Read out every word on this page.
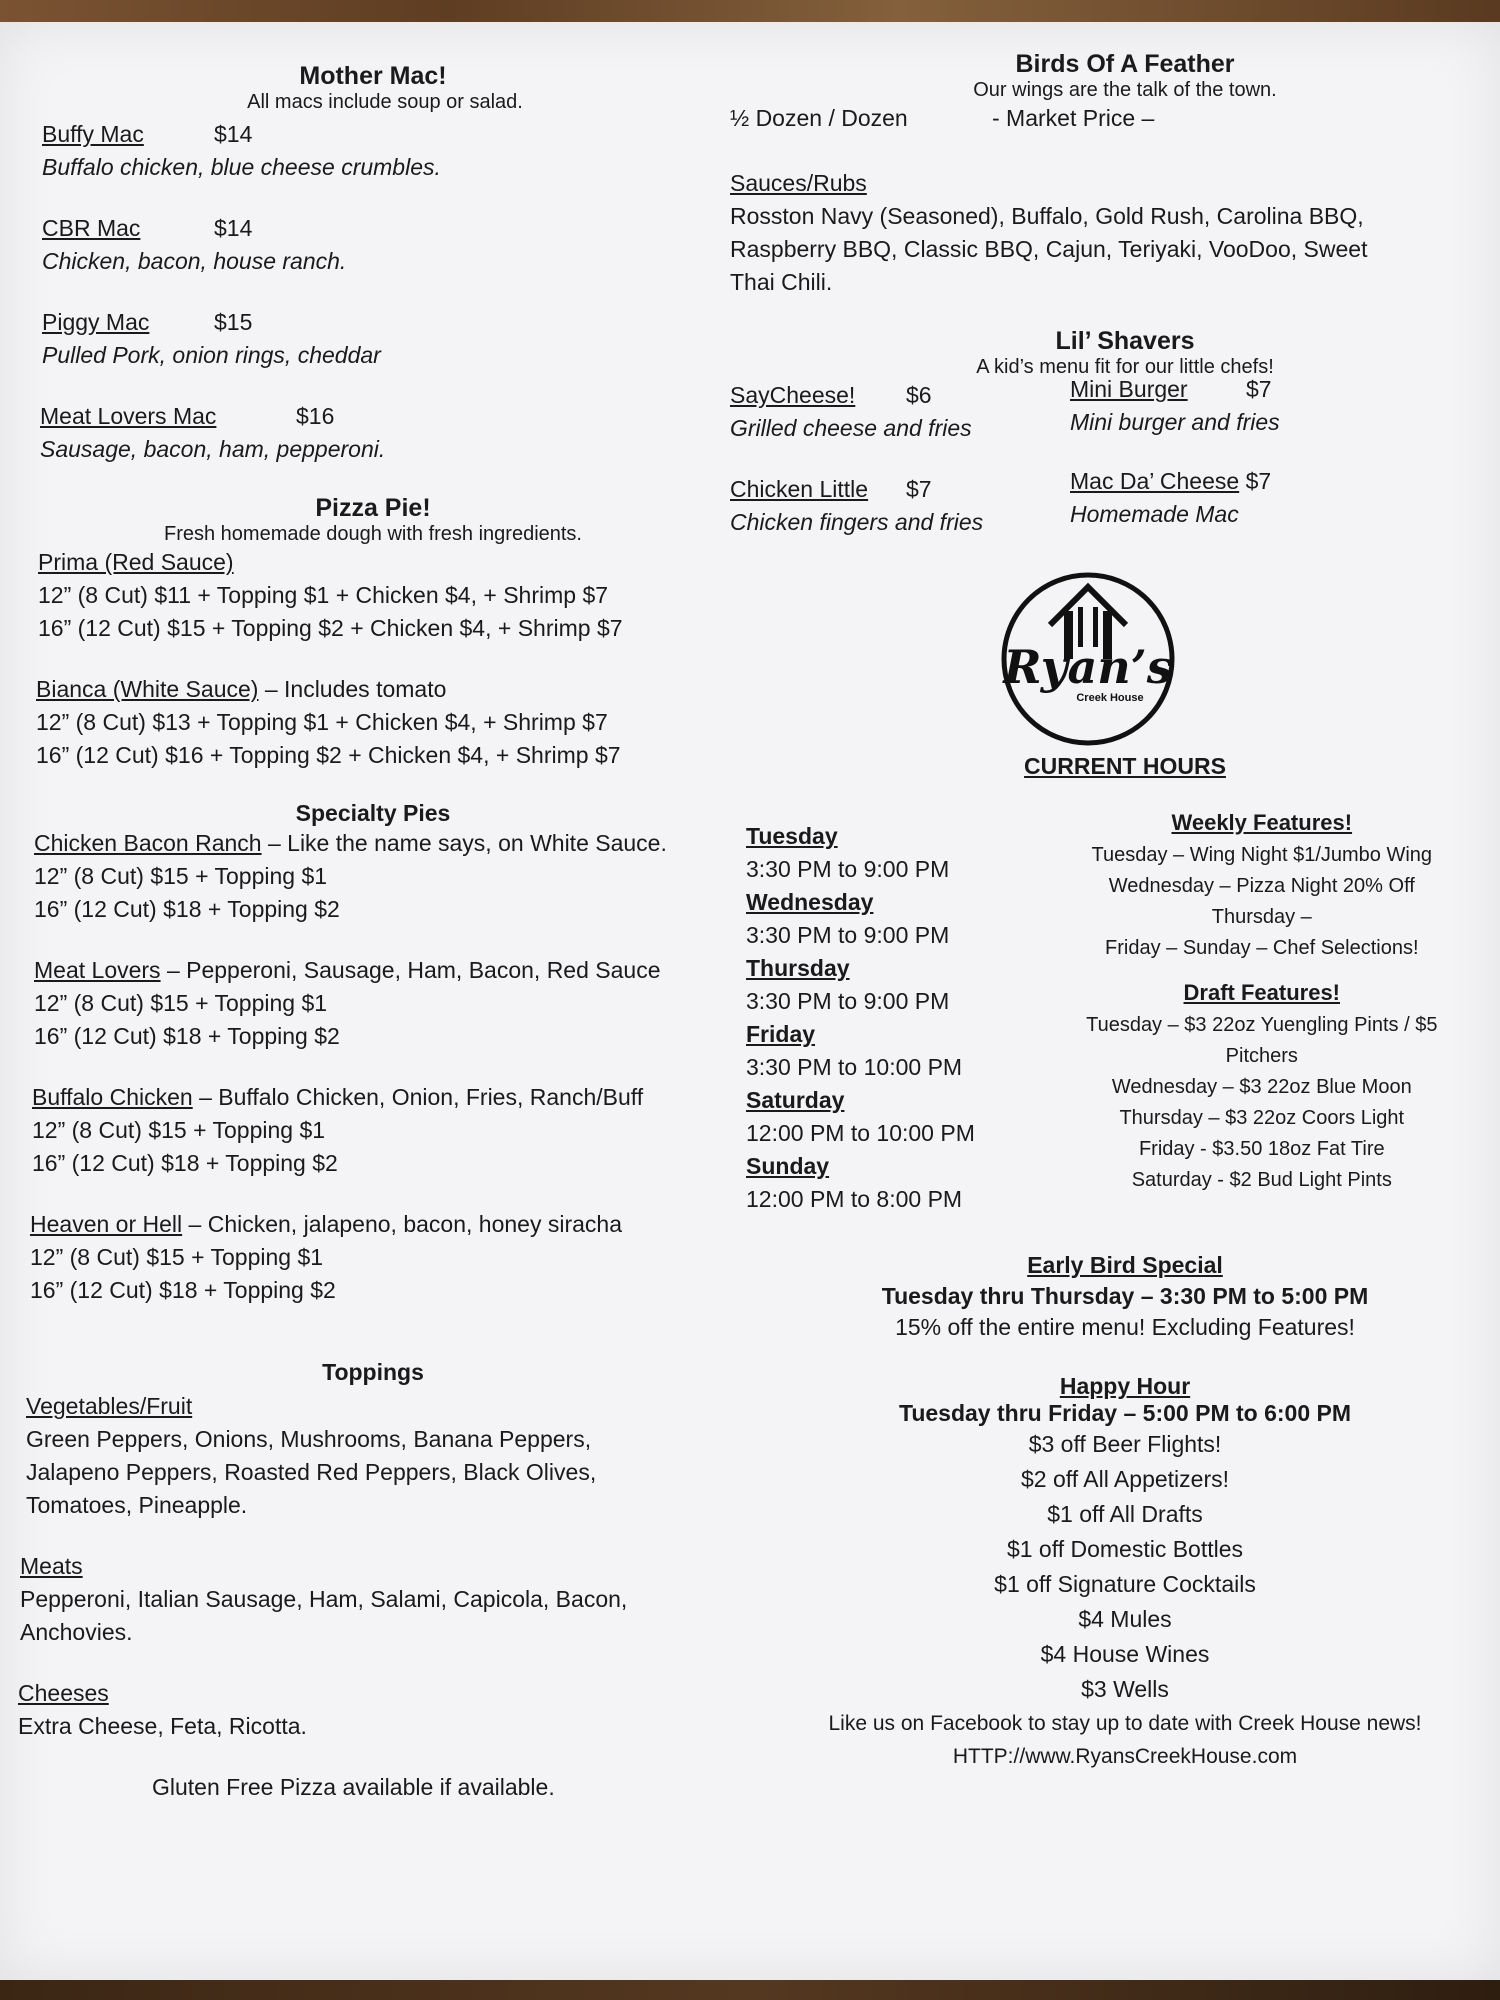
Mother Mac!
All macs include soup or salad.
Buffy Mac	$14
Buffalo chicken, blue cheese crumbles.
CBR Mac	$14
Chicken, bacon, house ranch.
Piggy Mac	$15
Pulled Pork, onion rings, cheddar
Meat Lovers Mac	$16
Sausage, bacon, ham, pepperoni.
Pizza Pie!
Fresh homemade dough with fresh ingredients.
Prima (Red Sauce)
12” (8 Cut) $11 + Topping $1 + Chicken $4, + Shrimp $7
16” (12 Cut) $15 + Topping $2 + Chicken $4, + Shrimp $7
Bianca (White Sauce) – Includes tomato
12” (8 Cut) $13 + Topping $1 + Chicken $4, + Shrimp $7
16” (12 Cut) $16 + Topping $2 + Chicken $4, + Shrimp $7
Specialty Pies
Chicken Bacon Ranch – Like the name says, on White Sauce.
12” (8 Cut) $15 + Topping $1
16” (12 Cut) $18 + Topping $2
Meat Lovers – Pepperoni, Sausage, Ham, Bacon, Red Sauce
12” (8 Cut) $15 + Topping $1
16” (12 Cut) $18 + Topping $2
Buffalo Chicken – Buffalo Chicken, Onion, Fries, Ranch/Buff
12” (8 Cut) $15 + Topping $1
16” (12 Cut) $18 + Topping $2
Heaven or Hell – Chicken, jalapeno, bacon, honey siracha
12” (8 Cut) $15 + Topping $1
16” (12 Cut) $18 + Topping $2
Toppings
Vegetables/Fruit
Green Peppers, Onions, Mushrooms, Banana Peppers,
Jalapeno Peppers, Roasted Red Peppers, Black Olives,
Tomatoes, Pineapple.
Meats
Pepperoni, Italian Sausage, Ham, Salami, Capicola, Bacon,
Anchovies.
Cheeses
Extra Cheese, Feta, Ricotta.
Gluten Free Pizza available if available.
Birds Of A Feather
Our wings are the talk of the town.
½ Dozen / Dozen	- Market Price –
Sauces/Rubs
Rosston Navy (Seasoned), Buffalo, Gold Rush, Carolina BBQ,
Raspberry BBQ, Classic BBQ, Cajun, Teriyaki, VooDoo, Sweet
Thai Chili.
Lil’ Shavers
A kid’s menu fit for our little chefs!
SayCheese! $6
Grilled cheese and fries
Chicken Little $7
Chicken fingers and fries
Mini Burger	$7
Mini burger and fries
Mac Da’ Cheese $7
Homemade Mac
Ryan’s
Creek House
CURRENT HOURS
Tuesday
3:30 PM to 9:00 PM
Wednesday
3:30 PM to 9:00 PM
Thursday
3:30 PM to 9:00 PM
Friday
3:30 PM to 10:00 PM
Saturday
12:00 PM to 10:00 PM
Sunday
12:00 PM to 8:00 PM
Weekly Features!
Tuesday – Wing Night $1/Jumbo Wing
Wednesday – Pizza Night 20% Off
Thursday –
Friday – Sunday – Chef Selections!
Draft Features!
Tuesday – $3 22oz Yuengling Pints / $5
Pitchers
Wednesday – $3 22oz Blue Moon
Thursday – $3 22oz Coors Light
Friday - $3.50 18oz Fat Tire
Saturday - $2 Bud Light Pints
Early Bird Special
Tuesday thru Thursday – 3:30 PM to 5:00 PM
15% off the entire menu! Excluding Features!
Happy Hour
Tuesday thru Friday – 5:00 PM to 6:00 PM
$3 off Beer Flights!
$2 off All Appetizers!
$1 off All Drafts
$1 off Domestic Bottles
$1 off Signature Cocktails
$4 Mules
$4 House Wines
$3 Wells
Like us on Facebook to stay up to date with Creek House news!
HTTP://www.RyansCreekHouse.com
